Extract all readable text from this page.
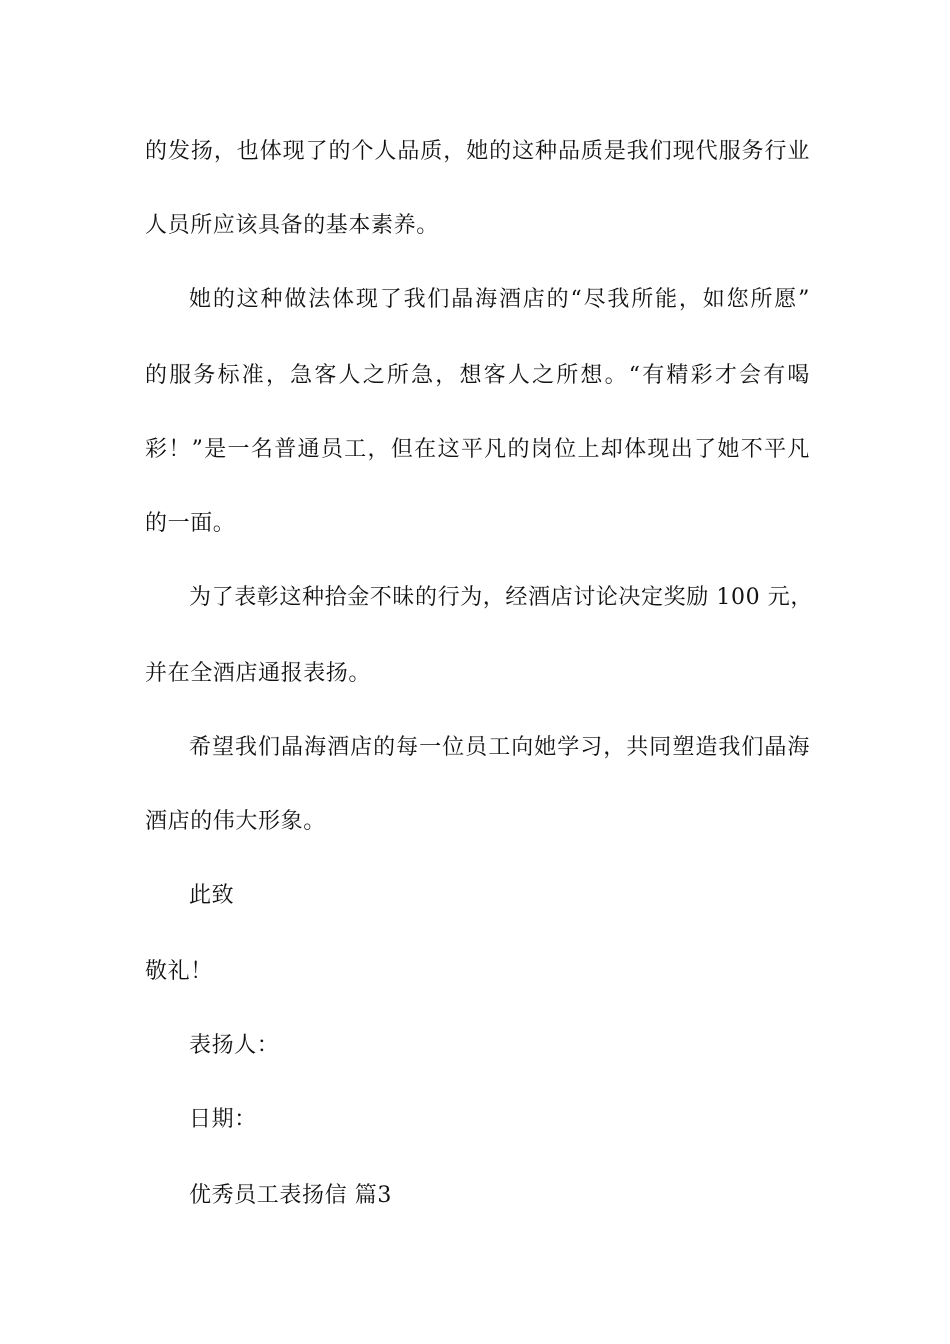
的发扬，也体现了的个人品质，她的这种品质是我们现代服务行业
人员所应该具备的基本素养。
她的这种做法体现了我们晶海酒店的“尽我所能，如您所愿”
的服务标准，急客人之所急，想客人之所想。“有精彩才会有喝
彩！”是一名普通员工，但在这平凡的岗位上却体现出了她不平凡
的一面。
为了表彰这种拾金不昧的行为，经酒店讨论决定奖励 100 元，
并在全酒店通报表扬。
希望我们晶海酒店的每一位员工向她学习，共同塑造我们晶海
酒店的伟大形象。
此致
敬礼！
表扬人：
日期：
优秀员工表扬信 篇3
